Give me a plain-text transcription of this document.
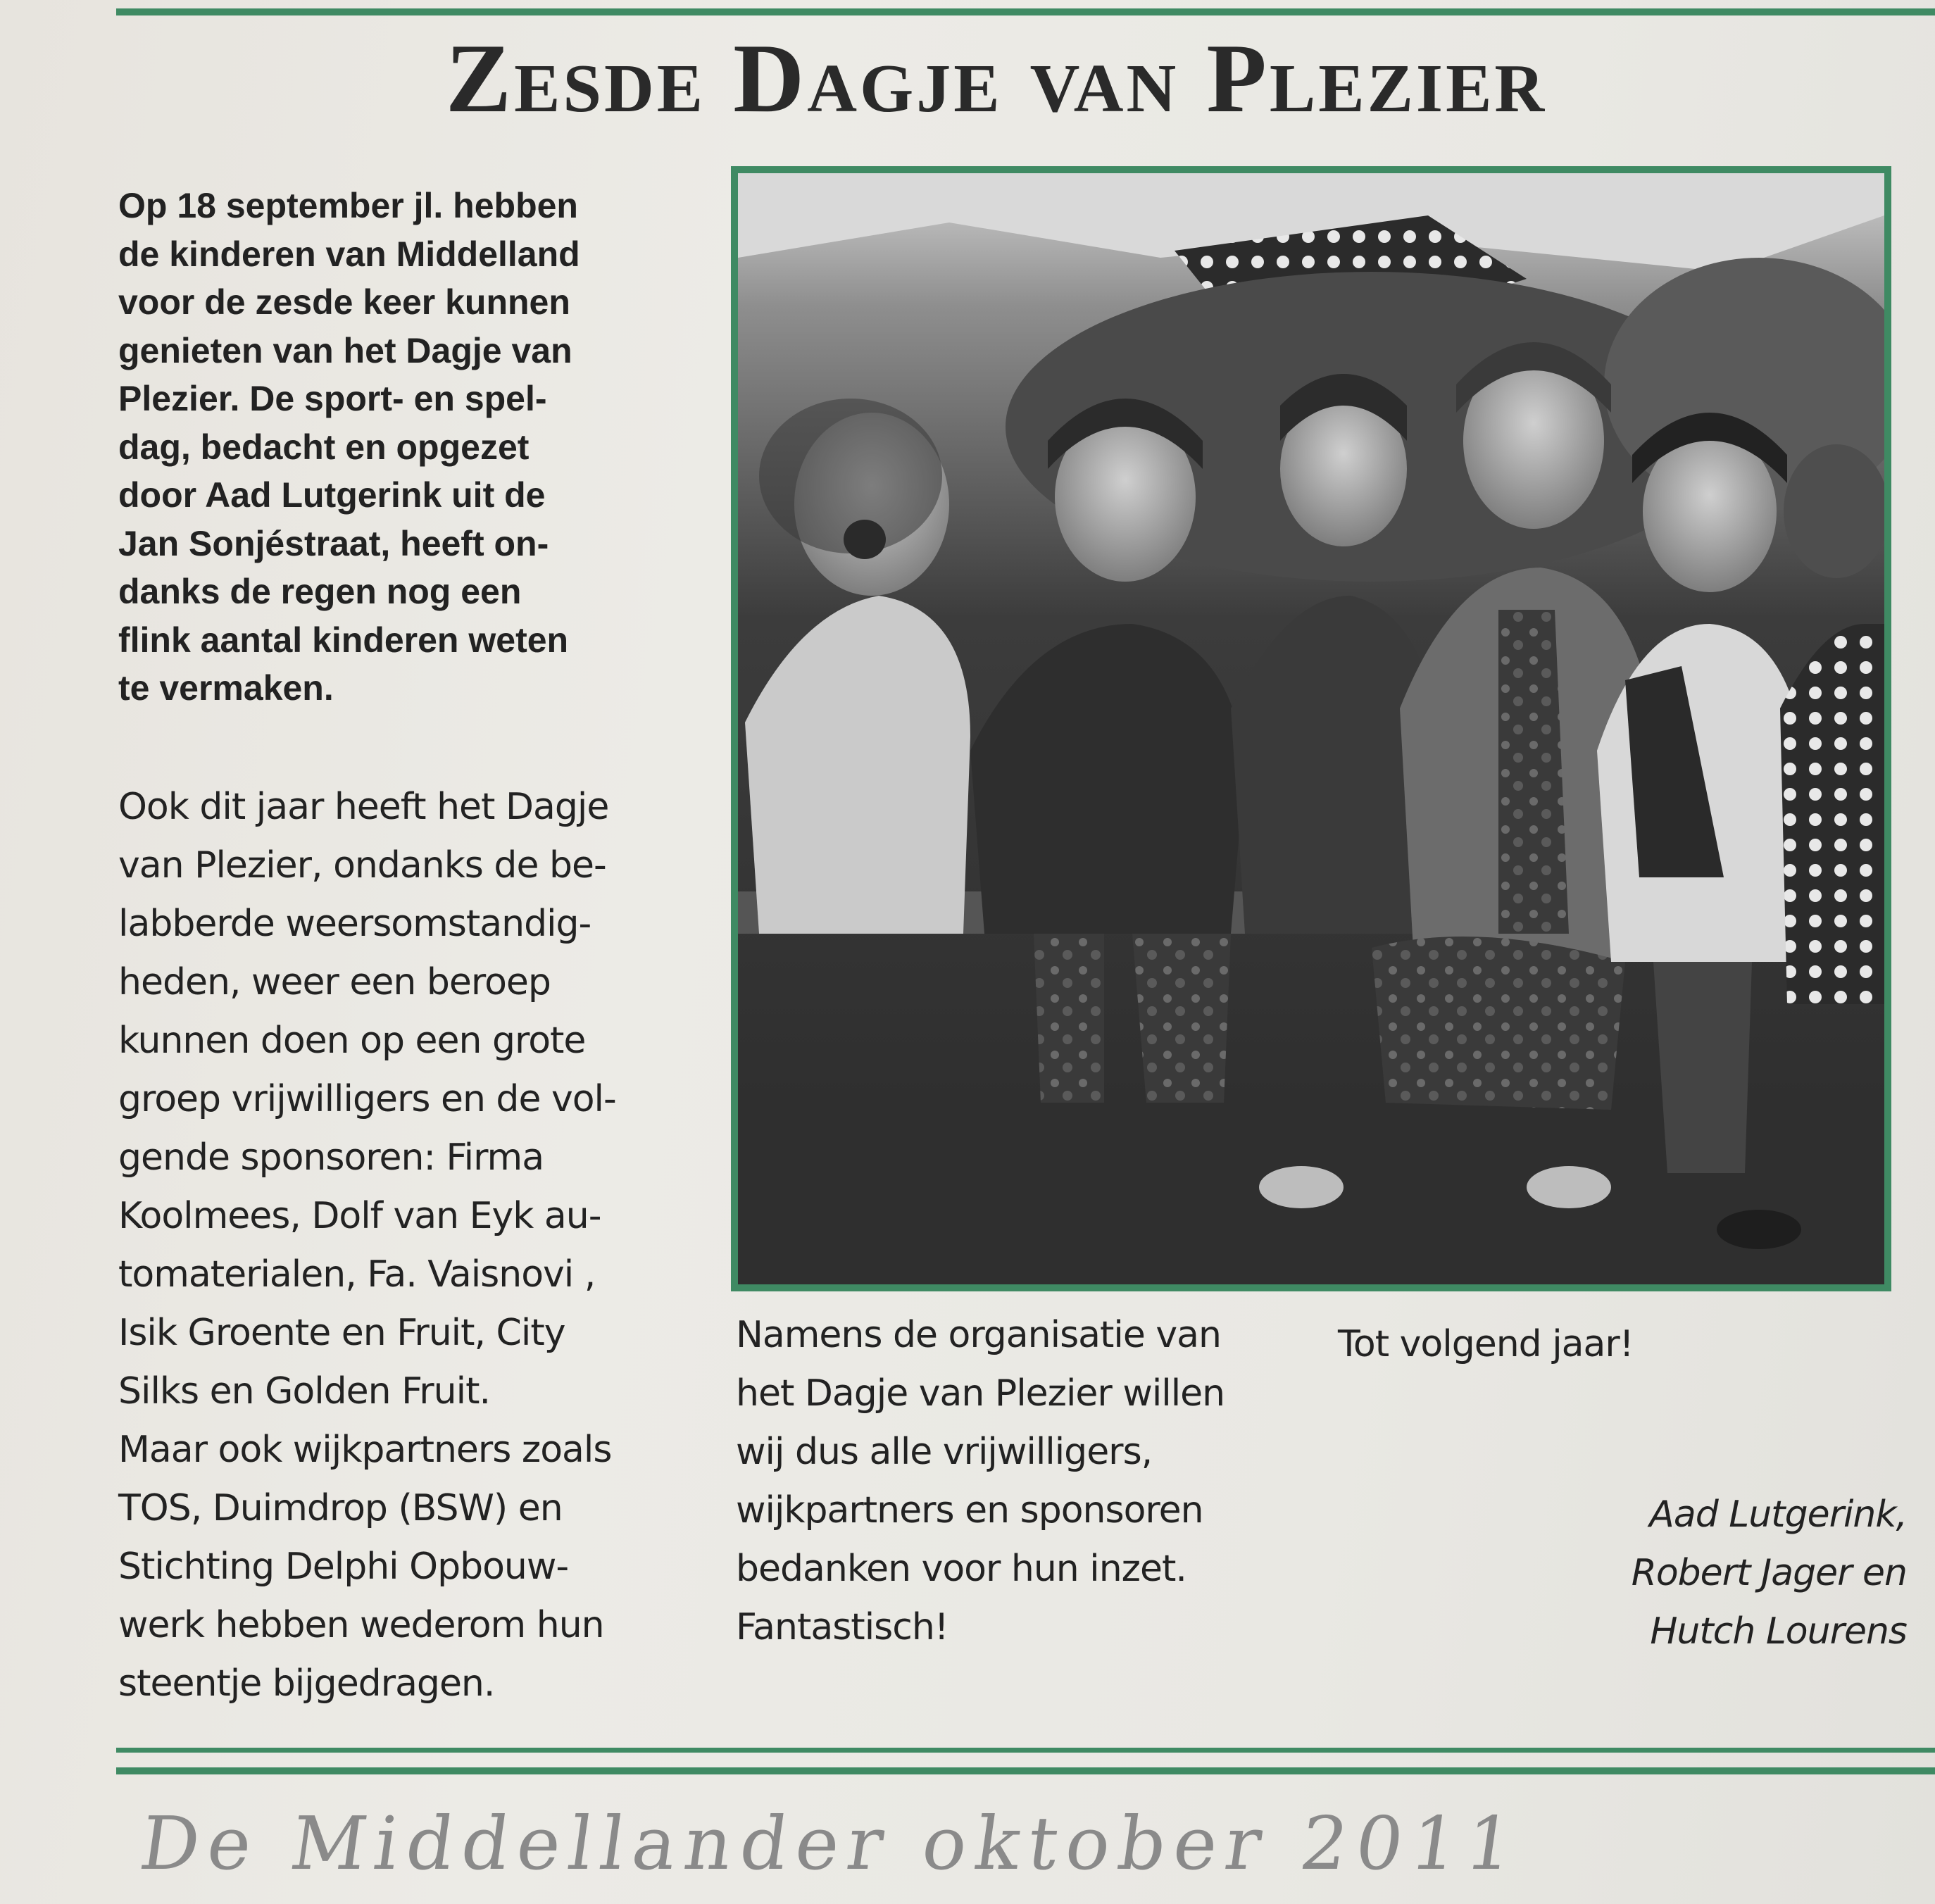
Zesde Dagje van Plezier

Op 18 september jl. hebben
de kinderen van Middelland
voor de zesde keer kunnen
genieten van het Dagje van
Plezier. De sport- en spel-
dag, bedacht en opgezet
door Aad Lutgerink uit de
Jan Sonjéstraat, heeft on-
danks de regen nog een
flink aantal kinderen weten
te vermaken.

Ook dit jaar heeft het Dagje
van Plezier, ondanks de be-
labberde weersomstandig-
heden, weer een beroep
kunnen doen op een grote
groep vrijwilligers en de vol-
gende sponsoren: Firma
Koolmees, Dolf van Eyk au-
tomaterialen, Fa. Vaisnovi ,
Isik Groente en Fruit, City
Silks en Golden Fruit.
Maar ook wijkpartners zoals
TOS, Duimdrop (BSW) en
Stichting Delphi Opbouw-
werk hebben wederom hun
steentje bijgedragen.

Namens de organisatie van
het Dagje van Plezier willen
wij dus alle vrijwilligers,
wijkpartners en sponsoren
bedanken voor hun inzet.
Fantastisch!

Tot volgend jaar!

Aad Lutgerink,
Robert Jager en
Hutch Lourens

De Middellander oktober 2011
